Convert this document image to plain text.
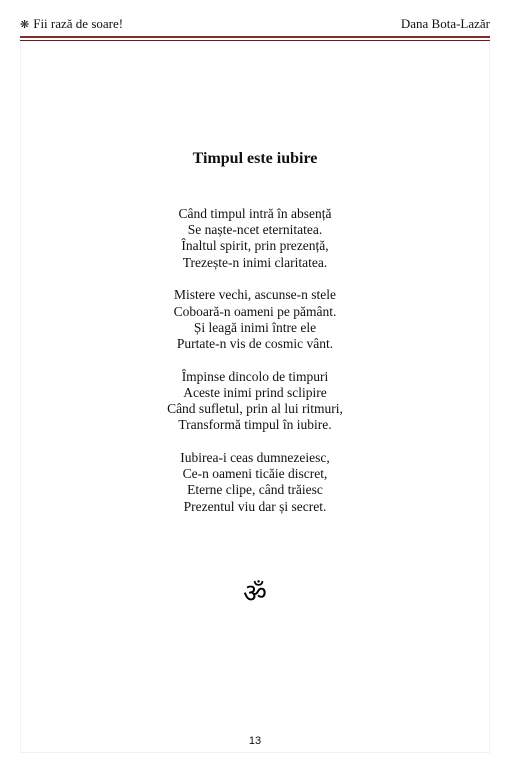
❋ Fii rază de soare!	Dana Bota-Lazăr
Timpul este iubire
Când timpul intră în absență
Se naște-ncet eternitatea.
Înaltul spirit, prin prezență,
Trezește-n inimi claritatea.
Mistere vechi, ascunse-n stele
Coboară-n oameni pe pământ.
Și leagă inimi între ele
Purtate-n vis de cosmic vânt.
Împinse dincolo de timpuri
Aceste inimi prind sclipire
Când sufletul, prin al lui ritmuri,
Transformă timpul în iubire.
Iubirea-i ceas dumnezeiesc,
Ce-n oameni ticăie discret,
Eterne clipe, când trăiesc
Prezentul viu dar și secret.
ॐ
13
